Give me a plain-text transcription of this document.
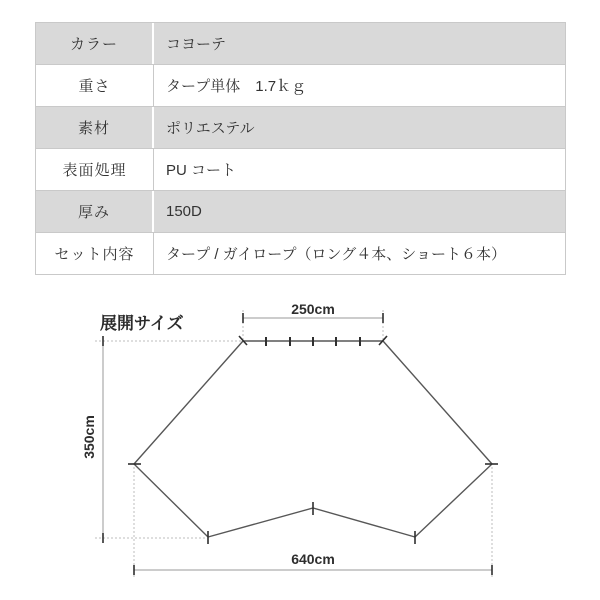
カラー	コヨーテ
重さ	タープ単体　1.7ｋｇ
素材	ポリエステル
表面処理	PU コート
厚み	150D
セット内容	タープ / ガイロープ（ロング４本、ショート６本）
展開サイズ
250cm
350cm
640cm
